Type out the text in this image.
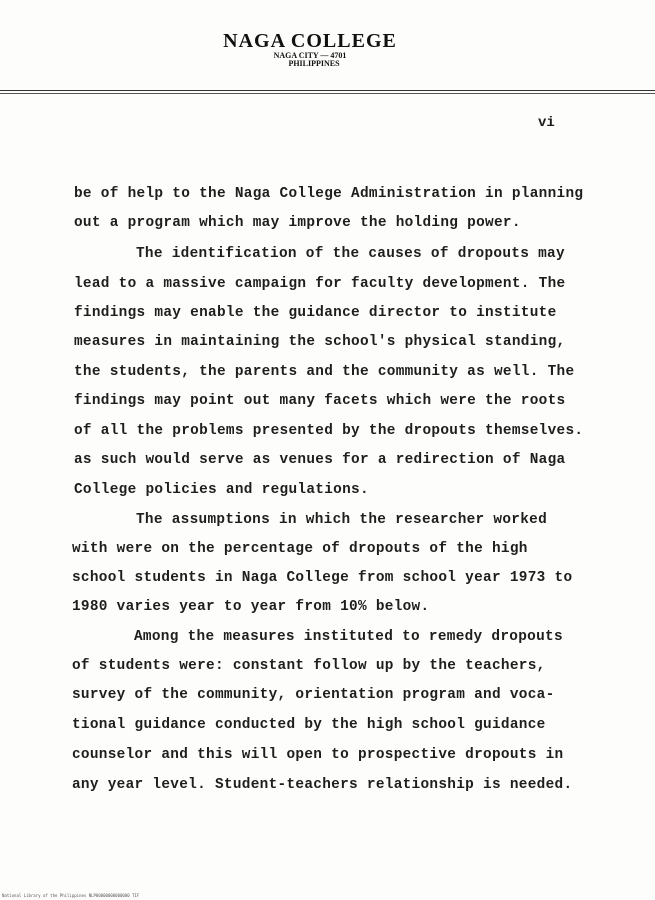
NAGA COLLEGE
NAGA CITY — 4701
PHILIPPINES
vi
be of help to the Naga College Administration in planning
out a program which may improve the holding power.
The identification of the causes of dropouts may
lead to a massive campaign for faculty development. The
findings may enable the guidance director to institute
measures in maintaining the school's physical standing,
the students, the parents and the community as well. The
findings may point out many facets which were the roots
of all the problems presented by the dropouts themselves.
as such would serve as venues for a redirection of Naga
College policies and regulations.
The assumptions in which the researcher worked
with were on the percentage of dropouts of the high
school students in Naga College from school year 1973 to
1980 varies year to year from 10% below.
Among the measures instituted to remedy dropouts
of students were: constant follow up by the teachers,
survey of the community, orientation program and voca-
tional guidance conducted by the high school guidance
counselor and this will open to prospective dropouts in
any year level. Student-teachers relationship is needed.
National Library of the Philippines NLP00000000000000 TIF
